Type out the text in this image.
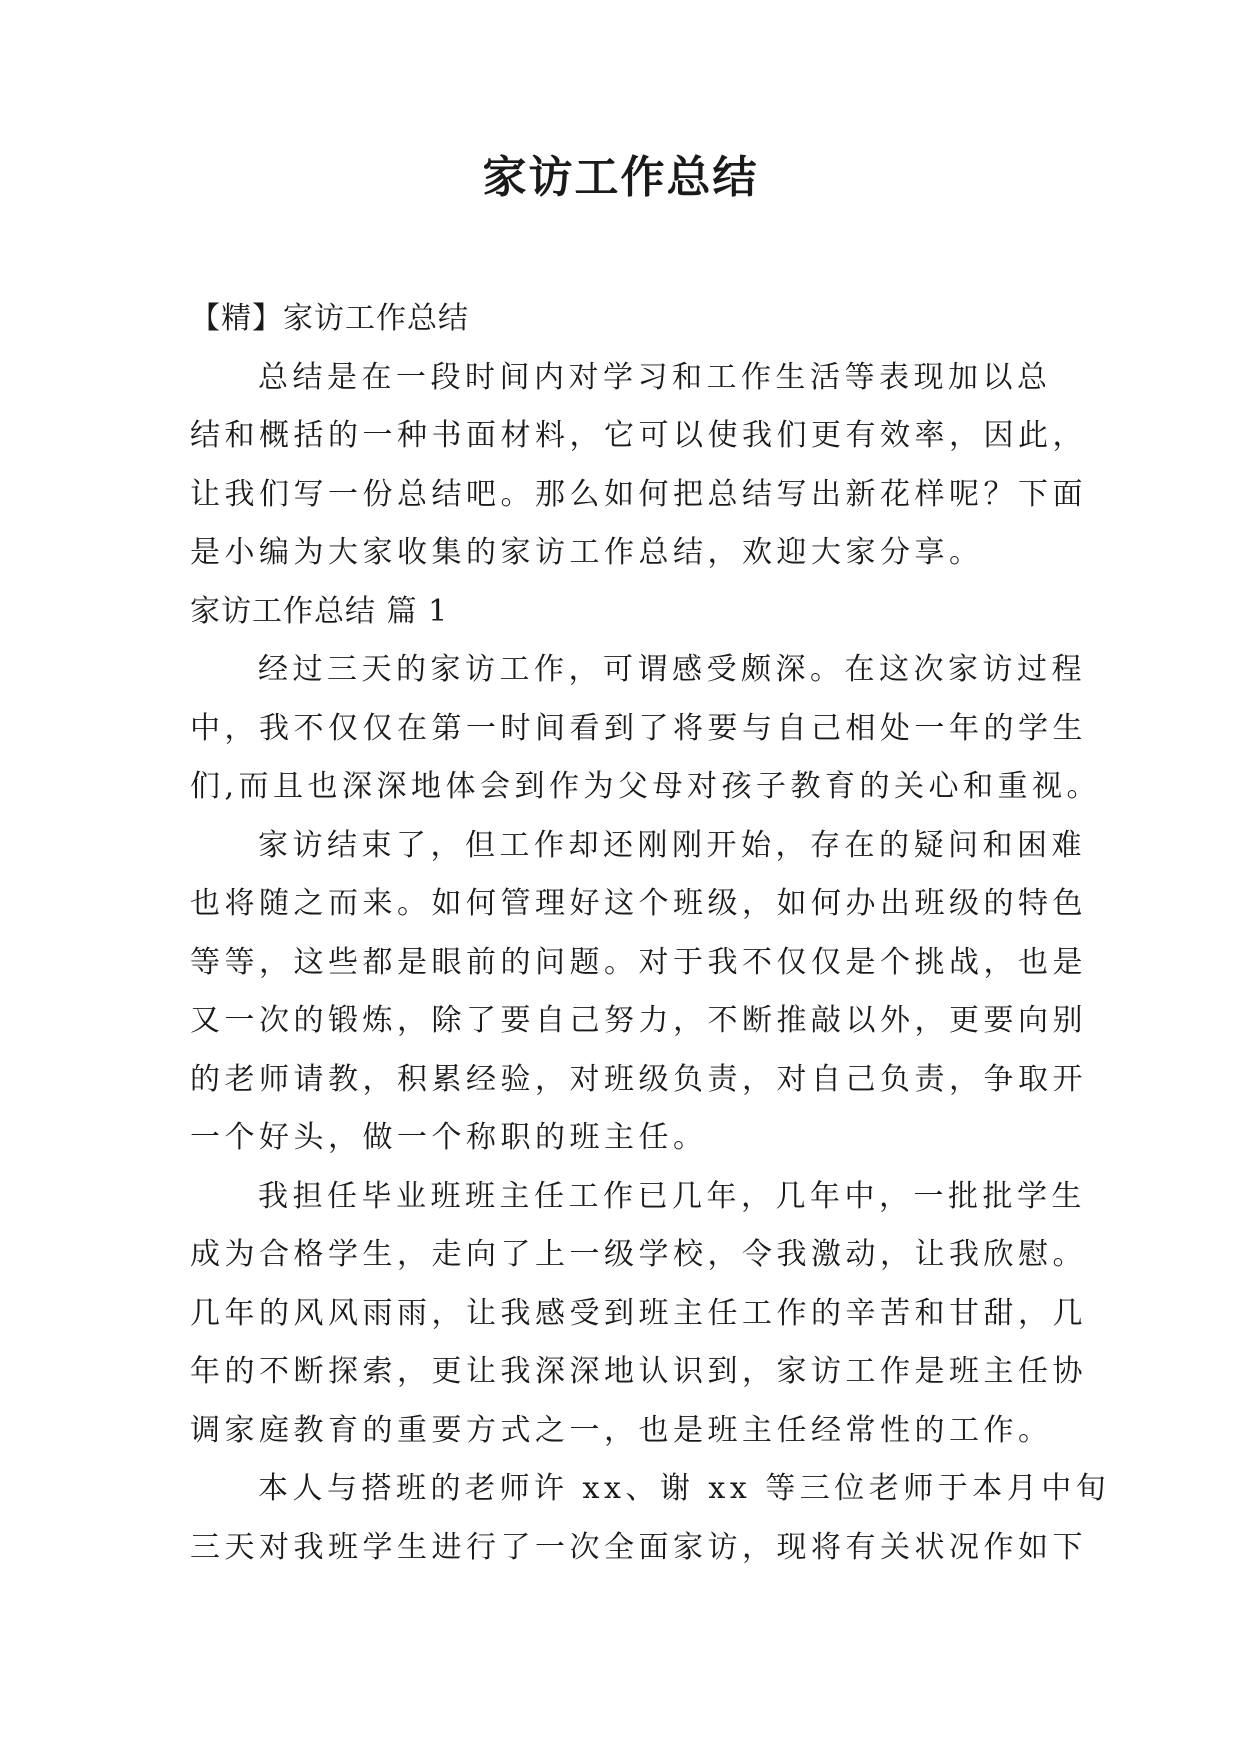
家访工作总结

【精】家访工作总结

总结是在一段时间内对学习和工作生活等表现加以总

结和概括的一种书面材料，它可以使我们更有效率，因此，

让我们写一份总结吧。那么如何把总结写出新花样呢？下面

是小编为大家收集的家访工作总结，欢迎大家分享。

家访工作总结 篇 1

经过三天的家访工作，可谓感受颇深。在这次家访过程

中，我不仅仅在第一时间看到了将要与自己相处一年的学生

们,而且也深深地体会到作为父母对孩子教育的关心和重视。

家访结束了，但工作却还刚刚开始，存在的疑问和困难

也将随之而来。如何管理好这个班级，如何办出班级的特色

等等，这些都是眼前的问题。对于我不仅仅是个挑战，也是

又一次的锻炼，除了要自己努力，不断推敲以外，更要向别

的老师请教，积累经验，对班级负责，对自己负责，争取开

一个好头，做一个称职的班主任。

我担任毕业班班主任工作已几年，几年中，一批批学生

成为合格学生，走向了上一级学校，令我激动，让我欣慰。

几年的风风雨雨，让我感受到班主任工作的辛苦和甘甜，几

年的不断探索，更让我深深地认识到，家访工作是班主任协

调家庭教育的重要方式之一，也是班主任经常性的工作。

本人与搭班的老师许 xx、谢 xx 等三位老师于本月中旬

三天对我班学生进行了一次全面家访，现将有关状况作如下
